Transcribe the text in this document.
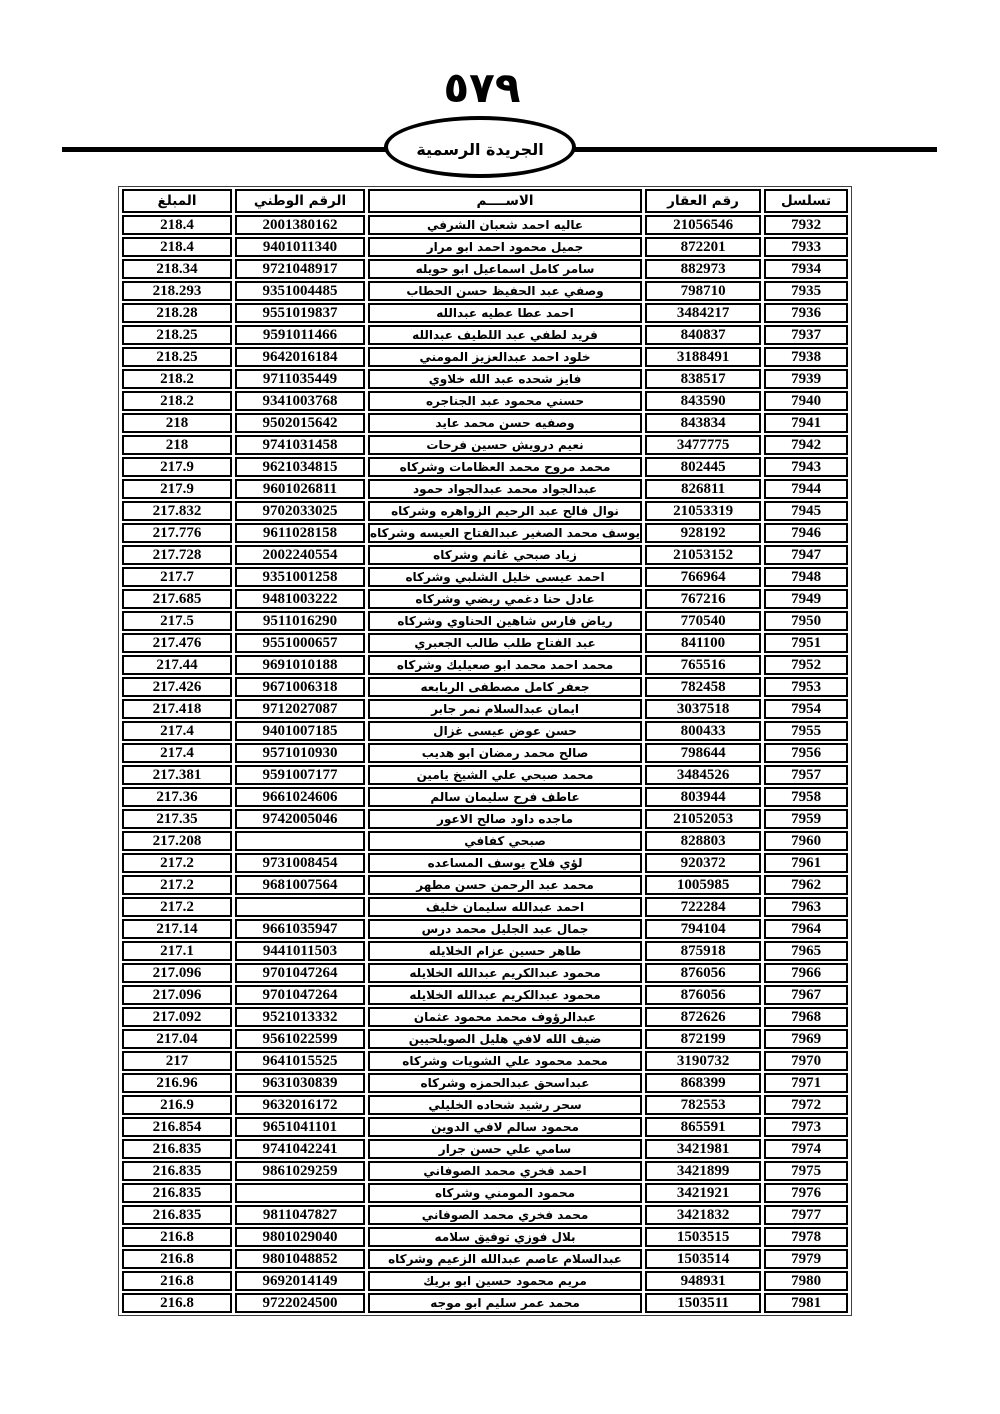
٥٧٩
الجريدة الرسمية
تسلسل	رقم العقار	الاســــم	الرقم الوطني	المبلغ
7932	21056546	عاليه احمد شعبان الشرفي	2001380162	218.4
7933	872201	جميل محمود احمد ابو مرار	9401011340	218.4
7934	882973	سامر كامل اسماعيل ابو حويله	9721048917	218.34
7935	798710	وصفي عبد الحفيظ حسن الحطاب	9351004485	218.293
7936	3484217	احمد عطا عطيه عبدالله	9551019837	218.28
7937	840837	فريد لطفي عبد اللطيف عبدالله	9591011466	218.25
7938	3188491	خلود احمد عبدالعزيز المومني	9642016184	218.25
7939	838517	فايز شحده عبد الله خلاوي	9711035449	218.2
7940	843590	حسني محمود عبد الجناجره	9341003768	218.2
7941	843834	وصفيه حسن محمد عايد	9502015642	218
7942	3477775	نعيم درويش حسين فرحات	9741031458	218
7943	802445	محمد مروح محمد العظامات وشركاه	9621034815	217.9
7944	826811	عبدالجواد محمد عبدالجواد حمود	9601026811	217.9
7945	21053319	نوال فالح عبد الرحيم الزواهره وشركاه	9702033025	217.832
7946	928192	يوسف محمد الصغير عبدالفتاح العيسه وشركاه	9611028158	217.776
7947	21053152	زياد صبحي غانم وشركاه	2002240554	217.728
7948	766964	احمد عيسى خليل الشلبي وشركاه	9351001258	217.7
7949	767216	عادل حنا دغمي ربضي وشركاه	9481003222	217.685
7950	770540	رياض فارس شاهين الحناوي وشركاه	9511016290	217.5
7951	841100	عبد الفتاح طلب طالب الجعبري	9551000657	217.476
7952	765516	محمد احمد محمد ابو صعيليك وشركاه	9691010188	217.44
7953	782458	جعفر كامل مصطفى الربابعه	9671006318	217.426
7954	3037518	ايمان عبدالسلام نمر جابر	9712027087	217.418
7955	800433	حسن عوض عيسى غزال	9401007185	217.4
7956	798644	صالح محمد رمضان ابو هديب	9571010930	217.4
7957	3484526	محمد صبحي علي الشيخ يامين	9591007177	217.381
7958	803944	عاطف فرح سليمان سالم	9661024606	217.36
7959	21052053	ماجده داود صالح الاعور	9742005046	217.35
7960	828803	صبحي كفافي		217.208
7961	920372	لؤي فلاح يوسف المساعده	9731008454	217.2
7962	1005985	محمد عبد الرحمن حسن مطهر	9681007564	217.2
7963	722284	احمد عبدالله سليمان خليف		217.2
7964	794104	جمال عبد الجليل محمد درس	9661035947	217.14
7965	875918	طاهر حسين عزام الخلايله	9441011503	217.1
7966	876056	محمود عبدالكريم عبدالله الخلايله	9701047264	217.096
7967	876056	محمود عبدالكريم عبدالله الخلايله	9701047264	217.096
7968	872626	عبدالرؤوف محمد محمود عثمان	9521013332	217.092
7969	872199	ضيف الله لافي هليل الصويلحيين	9561022599	217.04
7970	3190732	محمد محمود علي الشويات وشركاه	9641015525	217
7971	868399	عبداسحق عبدالحمزه وشركاه	9631030839	216.96
7972	782553	سحر رشيد شحاده الخليلي	9632016172	216.9
7973	865591	محمود سالم لافي الدوين	9651041101	216.854
7974	3421981	سامي علي حسن جرار	9741042241	216.835
7975	3421899	احمد فخري محمد الصوفاني	9861029259	216.835
7976	3421921	محمود المومني وشركاه		216.835
7977	3421832	محمد فخري محمد الصوفاني	9811047827	216.835
7978	1503515	بلال فوزي توفيق سلامه	9801029040	216.8
7979	1503514	عبدالسلام عاصم عبدالله الزعيم وشركاه	9801048852	216.8
7980	948931	مريم محمود حسين ابو بريك	9692014149	216.8
7981	1503511	محمد عمر سليم ابو موجه	9722024500	216.8
